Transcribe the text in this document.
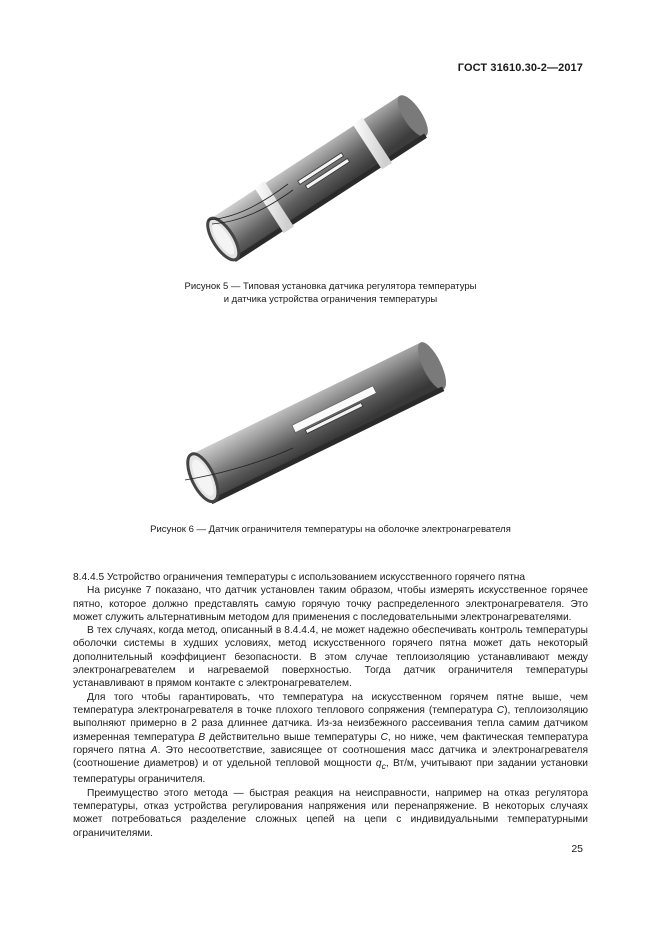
ГОСТ 31610.30-2—2017
Рисунок 5 — Типовая установка датчика регулятора температуры
и датчика устройства ограничения температуры
Рисунок 6 — Датчик ограничителя температуры на оболочке электронагревателя

8.4.4.5 Устройство ограничения температуры с использованием искусственного горячего пятна

На рисунке 7 показано, что датчик установлен таким образом, чтобы измерять искусственное горячее пятно, которое должно представлять самую горячую точку распределенного электронагревателя. Это может служить альтернативным методом для применения с последовательными электронагревателями.

В тех случаях, когда метод, описанный в 8.4.4.4, не может надежно обеспечивать контроль температуры оболочки системы в худших условиях, метод искусственного горячего пятна может дать некоторый дополнительный коэффициент безопасности. В этом случае теплоизоляцию устанавливают между электронагревателем и нагреваемой поверхностью. Тогда датчик ограничителя температуры устанавливают в прямом контакте с электронагревателем.

Для того чтобы гарантировать, что температура на искусственном горячем пятне выше, чем температура электронагревателя в точке плохого теплового сопряжения (температура С), теплоизоляцию выполняют примерно в 2 раза длиннее датчика. Из-за неизбежного рассеивания тепла самим датчиком измеренная температура В действительно выше температуры С, но ниже, чем фактическая температура горячего пятна А. Это несоответствие, зависящее от соотношения масс датчика и электронагревателя (соотношение диаметров) и от удельной тепловой мощности $q_с$, Вт/м, учитывают при задании установки температуры ограничителя.

Преимущество этого метода — быстрая реакция на неисправности, например на отказ регулятора температуры, отказ устройства регулирования напряжения или перенапряжение. В некоторых случаях может потребоваться разделение сложных цепей на цепи с индивидуальными температурными ограничителями.

25
